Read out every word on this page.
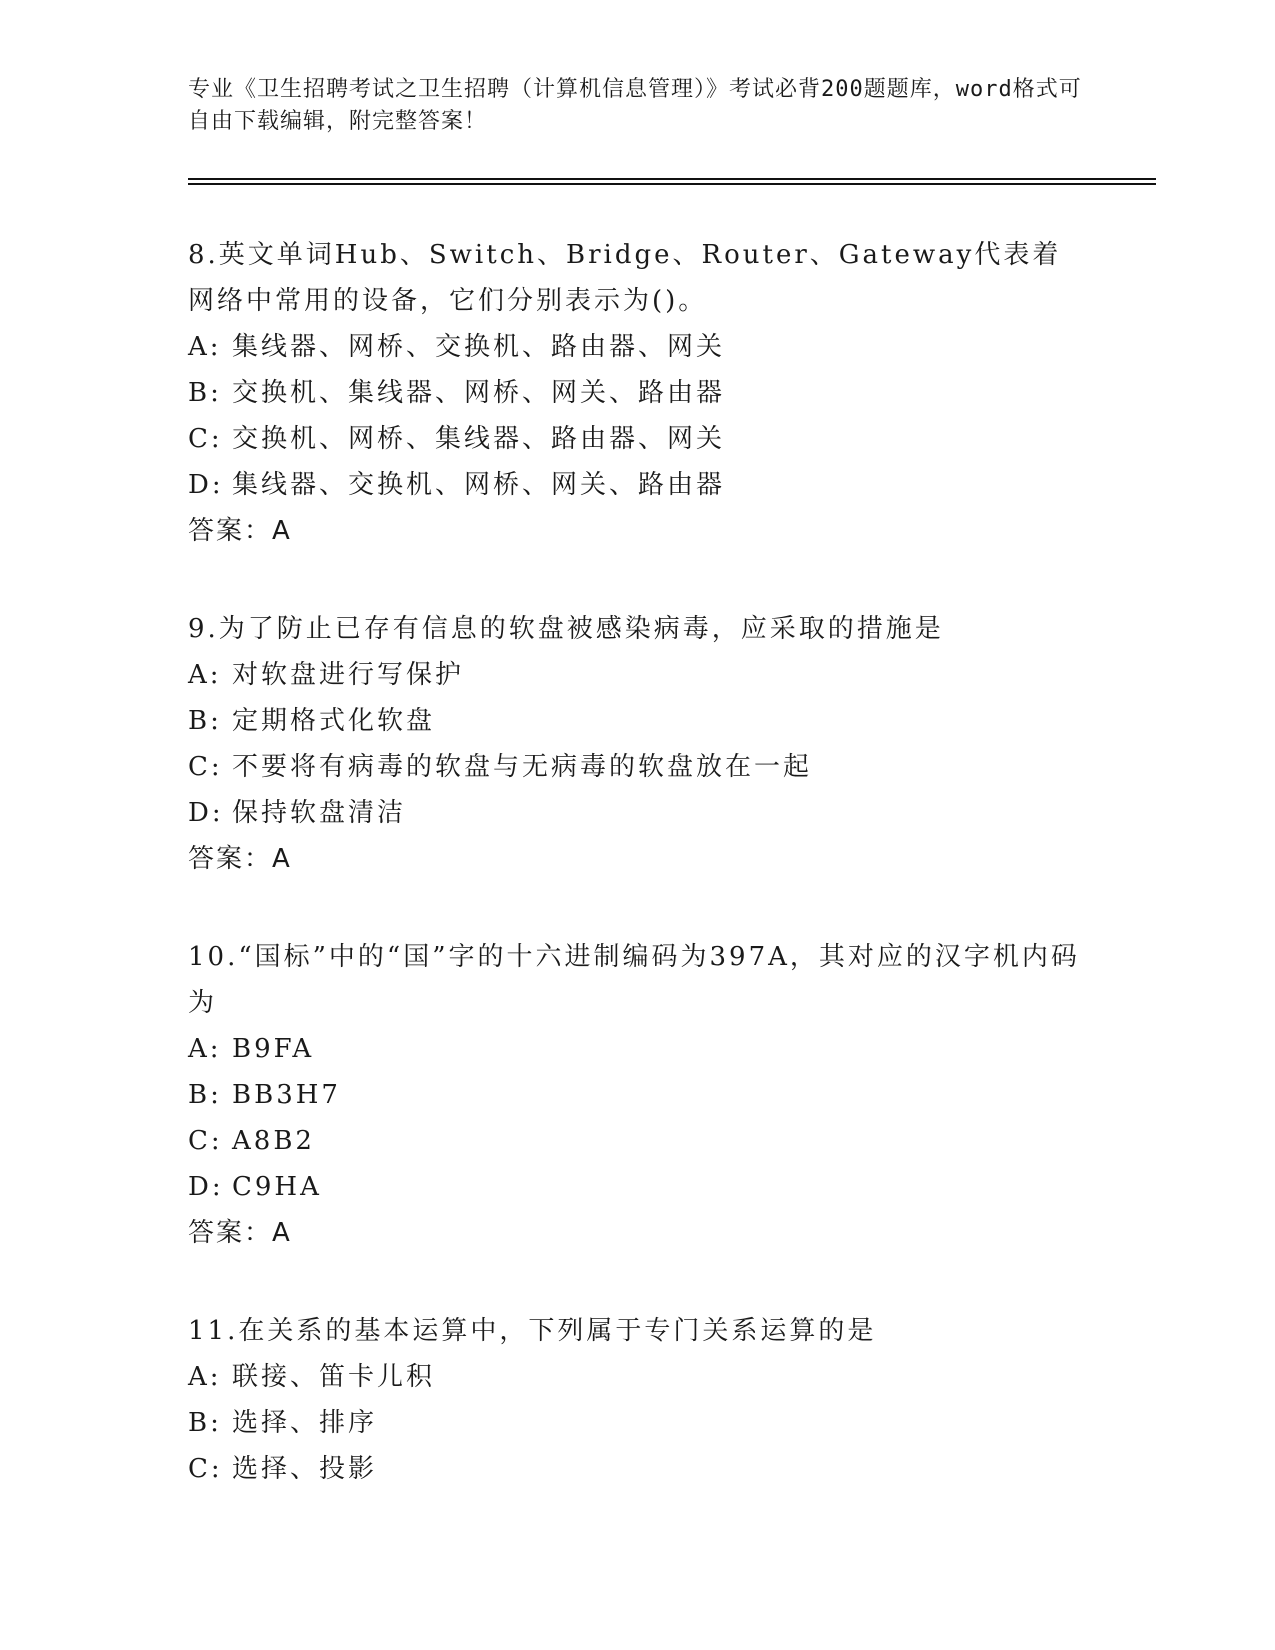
专业《卫生招聘考试之卫生招聘（计算机信息管理）》考试必背200题题库，word格式可自由下载编辑，附完整答案！
8.英文单词Hub、Switch、Bridge、Router、Gateway代表着网络中常用的设备，它们分别表示为()。
A: 集线器、网桥、交换机、路由器、网关
B: 交换机、集线器、网桥、网关、路由器
C: 交换机、网桥、集线器、路由器、网关
D: 集线器、交换机、网桥、网关、路由器
答案：A
9.为了防止已存有信息的软盘被感染病毒，应采取的措施是
A: 对软盘进行写保护
B: 定期格式化软盘
C: 不要将有病毒的软盘与无病毒的软盘放在一起
D: 保持软盘清洁
答案：A
10.“国标”中的“国”字的十六进制编码为397A，其对应的汉字机内码为
A: B9FA
B: BB3H7
C: A8B2
D: C9HA
答案：A
11.在关系的基本运算中，下列属于专门关系运算的是
A: 联接、笛卡儿积
B: 选择、排序
C: 选择、投影
